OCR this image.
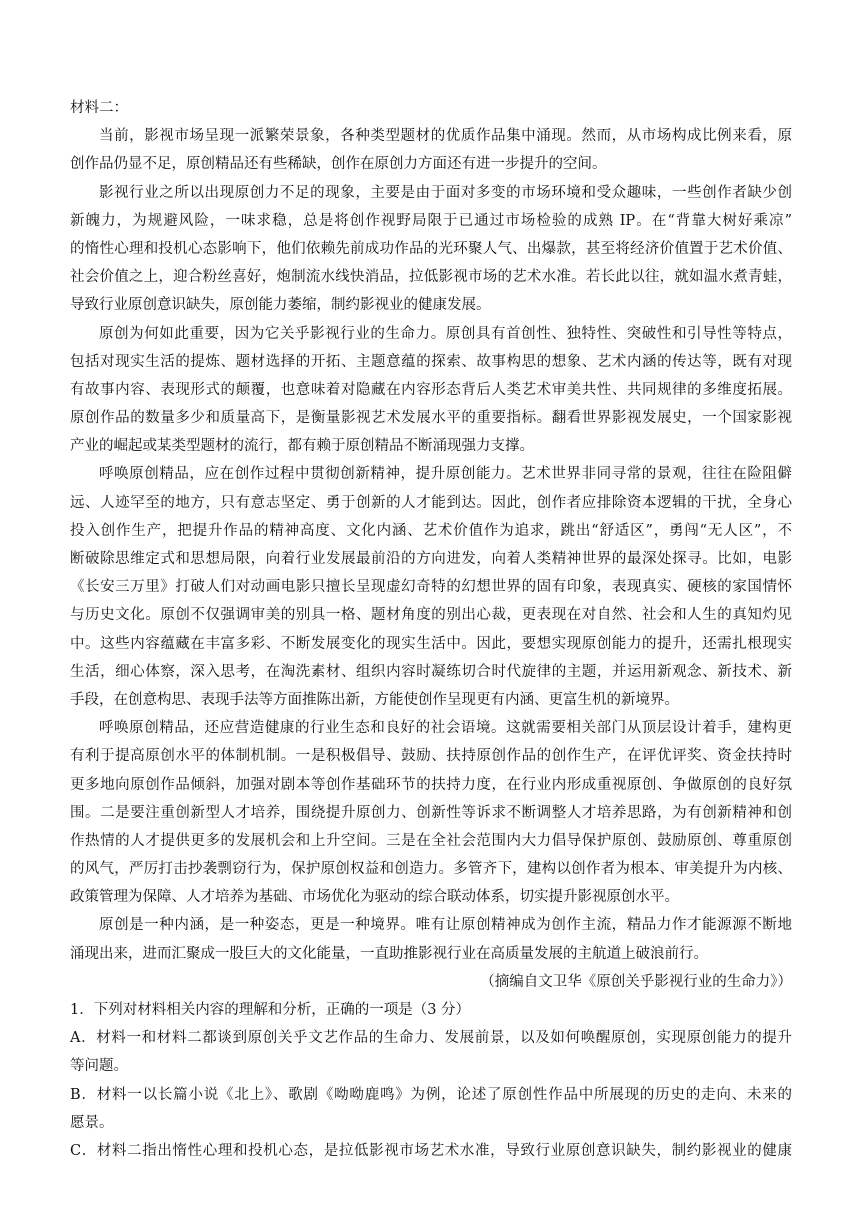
材料二：
当前，影视市场呈现一派繁荣景象，各种类型题材的优质作品集中涌现。然而，从市场构成比例来看，原
创作品仍显不足，原创精品还有些稀缺，创作在原创力方面还有进一步提升的空间。
影视行业之所以出现原创力不足的现象，主要是由于面对多变的市场环境和受众趣味，一些创作者缺少创
新魄力，为规避风险，一味求稳，总是将创作视野局限于已通过市场检验的成熟 IP。在“背靠大树好乘凉”
的惰性心理和投机心态影响下，他们依赖先前成功作品的光环聚人气、出爆款，甚至将经济价值置于艺术价值、
社会价值之上，迎合粉丝喜好，炮制流水线快消品，拉低影视市场的艺术水准。若长此以往，就如温水煮青蛙，
导致行业原创意识缺失，原创能力萎缩，制约影视业的健康发展。
原创为何如此重要，因为它关乎影视行业的生命力。原创具有首创性、独特性、突破性和引导性等特点，
包括对现实生活的提炼、题材选择的开拓、主题意蕴的探索、故事构思的想象、艺术内涵的传达等，既有对现
有故事内容、表现形式的颠覆，也意味着对隐藏在内容形态背后人类艺术审美共性、共同规律的多维度拓展。
原创作品的数量多少和质量高下，是衡量影视艺术发展水平的重要指标。翻看世界影视发展史，一个国家影视
产业的崛起或某类型题材的流行，都有赖于原创精品不断涌现强力支撑。
呼唤原创精品，应在创作过程中贯彻创新精神，提升原创能力。艺术世界非同寻常的景观，往往在险阻僻
远、人迹罕至的地方，只有意志坚定、勇于创新的人才能到达。因此，创作者应排除资本逻辑的干扰，全身心
投入创作生产，把提升作品的精神高度、文化内涵、艺术价值作为追求，跳出“舒适区”，勇闯“无人区”，不
断破除思维定式和思想局限，向着行业发展最前沿的方向进发，向着人类精神世界的最深处探寻。比如，电影
《长安三万里》打破人们对动画电影只擅长呈现虚幻奇特的幻想世界的固有印象，表现真实、硬核的家国情怀
与历史文化。原创不仅强调审美的别具一格、题材角度的别出心裁，更表现在对自然、社会和人生的真知灼见
中。这些内容蕴藏在丰富多彩、不断发展变化的现实生活中。因此，要想实现原创能力的提升，还需扎根现实
生活，细心体察，深入思考，在淘洗素材、组织内容时凝练切合时代旋律的主题，并运用新观念、新技术、新
手段，在创意构思、表现手法等方面推陈出新，方能使创作呈现更有内涵、更富生机的新境界。
呼唤原创精品，还应营造健康的行业生态和良好的社会语境。这就需要相关部门从顶层设计着手，建构更
有利于提高原创水平的体制机制。一是积极倡导、鼓励、扶持原创作品的创作生产，在评优评奖、资金扶持时
更多地向原创作品倾斜，加强对剧本等创作基础环节的扶持力度，在行业内形成重视原创、争做原创的良好氛
围。二是要注重创新型人才培养，围绕提升原创力、创新性等诉求不断调整人才培养思路，为有创新精神和创
作热情的人才提供更多的发展机会和上升空间。三是在全社会范围内大力倡导保护原创、鼓励原创、尊重原创
的风气，严厉打击抄袭剽窃行为，保护原创权益和创造力。多管齐下，建构以创作者为根本、审美提升为内核、
政策管理为保障、人才培养为基础、市场优化为驱动的综合联动体系，切实提升影视原创水平。
原创是一种内涵，是一种姿态，更是一种境界。唯有让原创精神成为创作主流，精品力作才能源源不断地
涌现出来，进而汇聚成一股巨大的文化能量，一直助推影视行业在高质量发展的主航道上破浪前行。
（摘编自文卫华《原创关乎影视行业的生命力》）
1．下列对材料相关内容的理解和分析，正确的一项是（3 分）
A．材料一和材料二都谈到原创关乎文艺作品的生命力、发展前景，以及如何唤醒原创，实现原创能力的提升
等问题。
B．材料一以长篇小说《北上》、歌剧《呦呦鹿鸣》为例，论述了原创性作品中所展现的历史的走向、未来的
愿景。
C．材料二指出惰性心理和投机心态，是拉低影视市场艺术水准，导致行业原创意识缺失，制约影视业的健康
